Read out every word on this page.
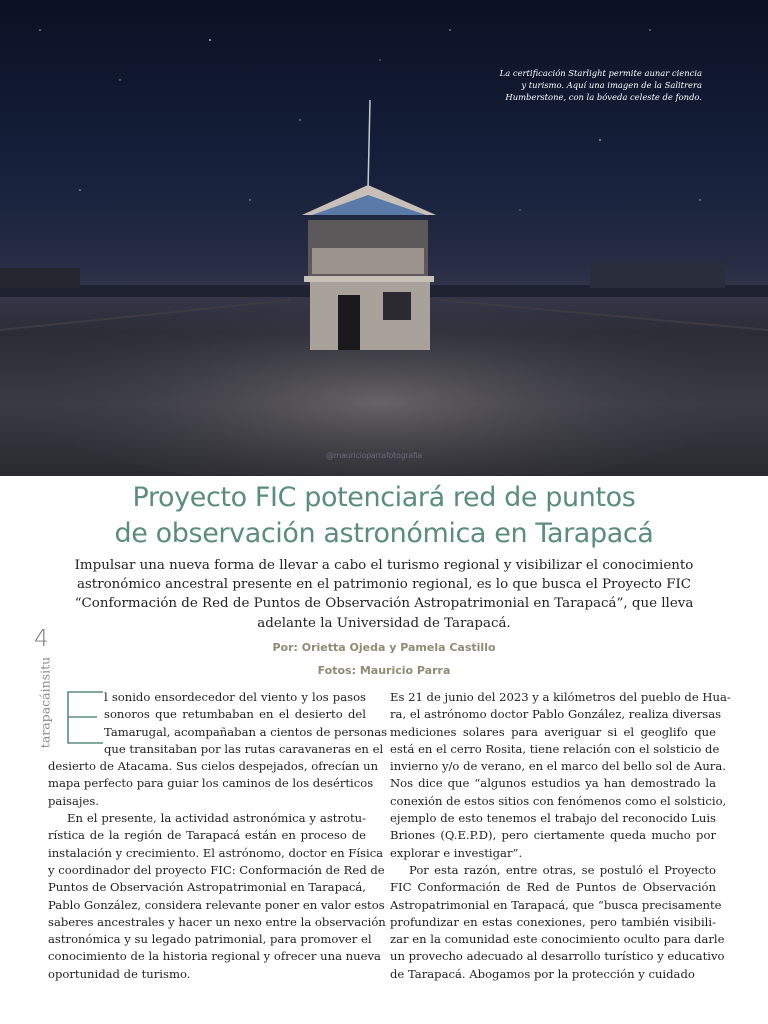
La certificación Starlight permite aunar ciencia
y turismo. Aquí una imagen de la Salitrera
Humberstone, con la bóveda celeste de fondo.
@mauricioparrafotografia
Proyecto FIC potenciará red de puntos
de observación astronómica en Tarapacá
Impulsar una nueva forma de llevar a cabo el turismo regional y visibilizar el conocimiento
astronómico ancestral presente en el patrimonio regional, es lo que busca el Proyecto FIC
“Conformación de Red de Puntos de Observación Astropatrimonial en Tarapacá”, que lleva
adelante la Universidad de Tarapacá.
Por: Orietta Ojeda y Pamela Castillo
Fotos: Mauricio Parra
4
tarapacáinsitu	l sonido ensordecedor del viento y los pasos
sonoros que retumbaban en el desierto del
Tamarugal, acompañaban a cientos de personas
que transitaban por las rutas caravaneras en el
desierto de Atacama. Sus cielos despejados, ofrecían un
mapa perfecto para guiar los caminos de los desérticos
paisajes.
En el presente, la actividad astronómica y astrotu-
rística de la región de Tarapacá están en proceso de
instalación y crecimiento. El astrónomo, doctor en Física
y coordinador del proyecto FIC: Conformación de Red de
Puntos de Observación Astropatrimonial en Tarapacá,
Pablo González, considera relevante poner en valor estos
saberes ancestrales y hacer un nexo entre la observación
astronómica y su legado patrimonial, para promover el
conocimiento de la historia regional y ofrecer una nueva
oportunidad de turismo.
Es 21 de junio del 2023 y a kilómetros del pueblo de Hua-
ra, el astrónomo doctor Pablo González, realiza diversas
mediciones solares para averiguar si el geoglifo que
está en el cerro Rosita, tiene relación con el solsticio de
invierno y/o de verano, en el marco del bello sol de Aura.
Nos dice que “algunos estudios ya han demostrado la
conexión de estos sitios con fenómenos como el solsticio,
ejemplo de esto tenemos el trabajo del reconocido Luis
Briones (Q.E.P.D), pero ciertamente queda mucho por
explorar e investigar”.
Por esta razón, entre otras, se postuló el Proyecto
FIC Conformación de Red de Puntos de Observación
Astropatrimonial en Tarapacá, que “busca precisamente
profundizar en estas conexiones, pero también visibili-
zar en la comunidad este conocimiento oculto para darle
un provecho adecuado al desarrollo turístico y educativo
de Tarapacá. Abogamos por la protección y cuidado
